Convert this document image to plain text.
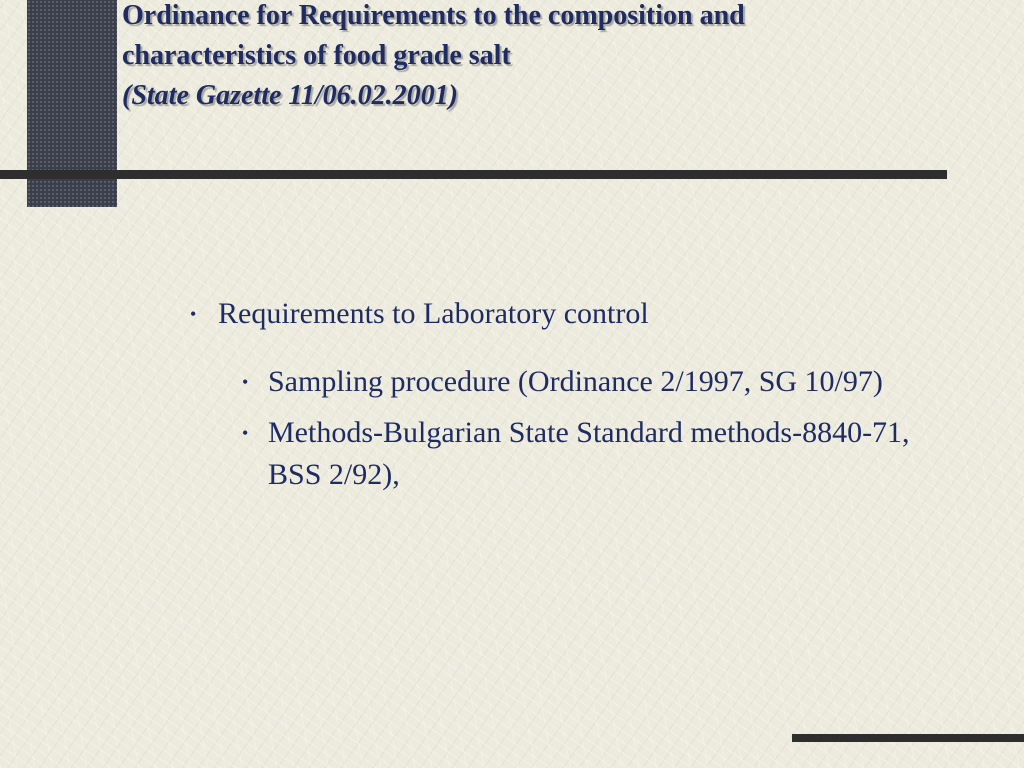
Ordinance for Requirements to the composition and
characteristics of food grade salt
(State Gazette 11/06.02.2001)
• Requirements to Laboratory control
• Sampling procedure (Ordinance 2/1997, SG 10/97)
• Methods-Bulgarian State Standard methods-8840-71, BSS 2/92),
